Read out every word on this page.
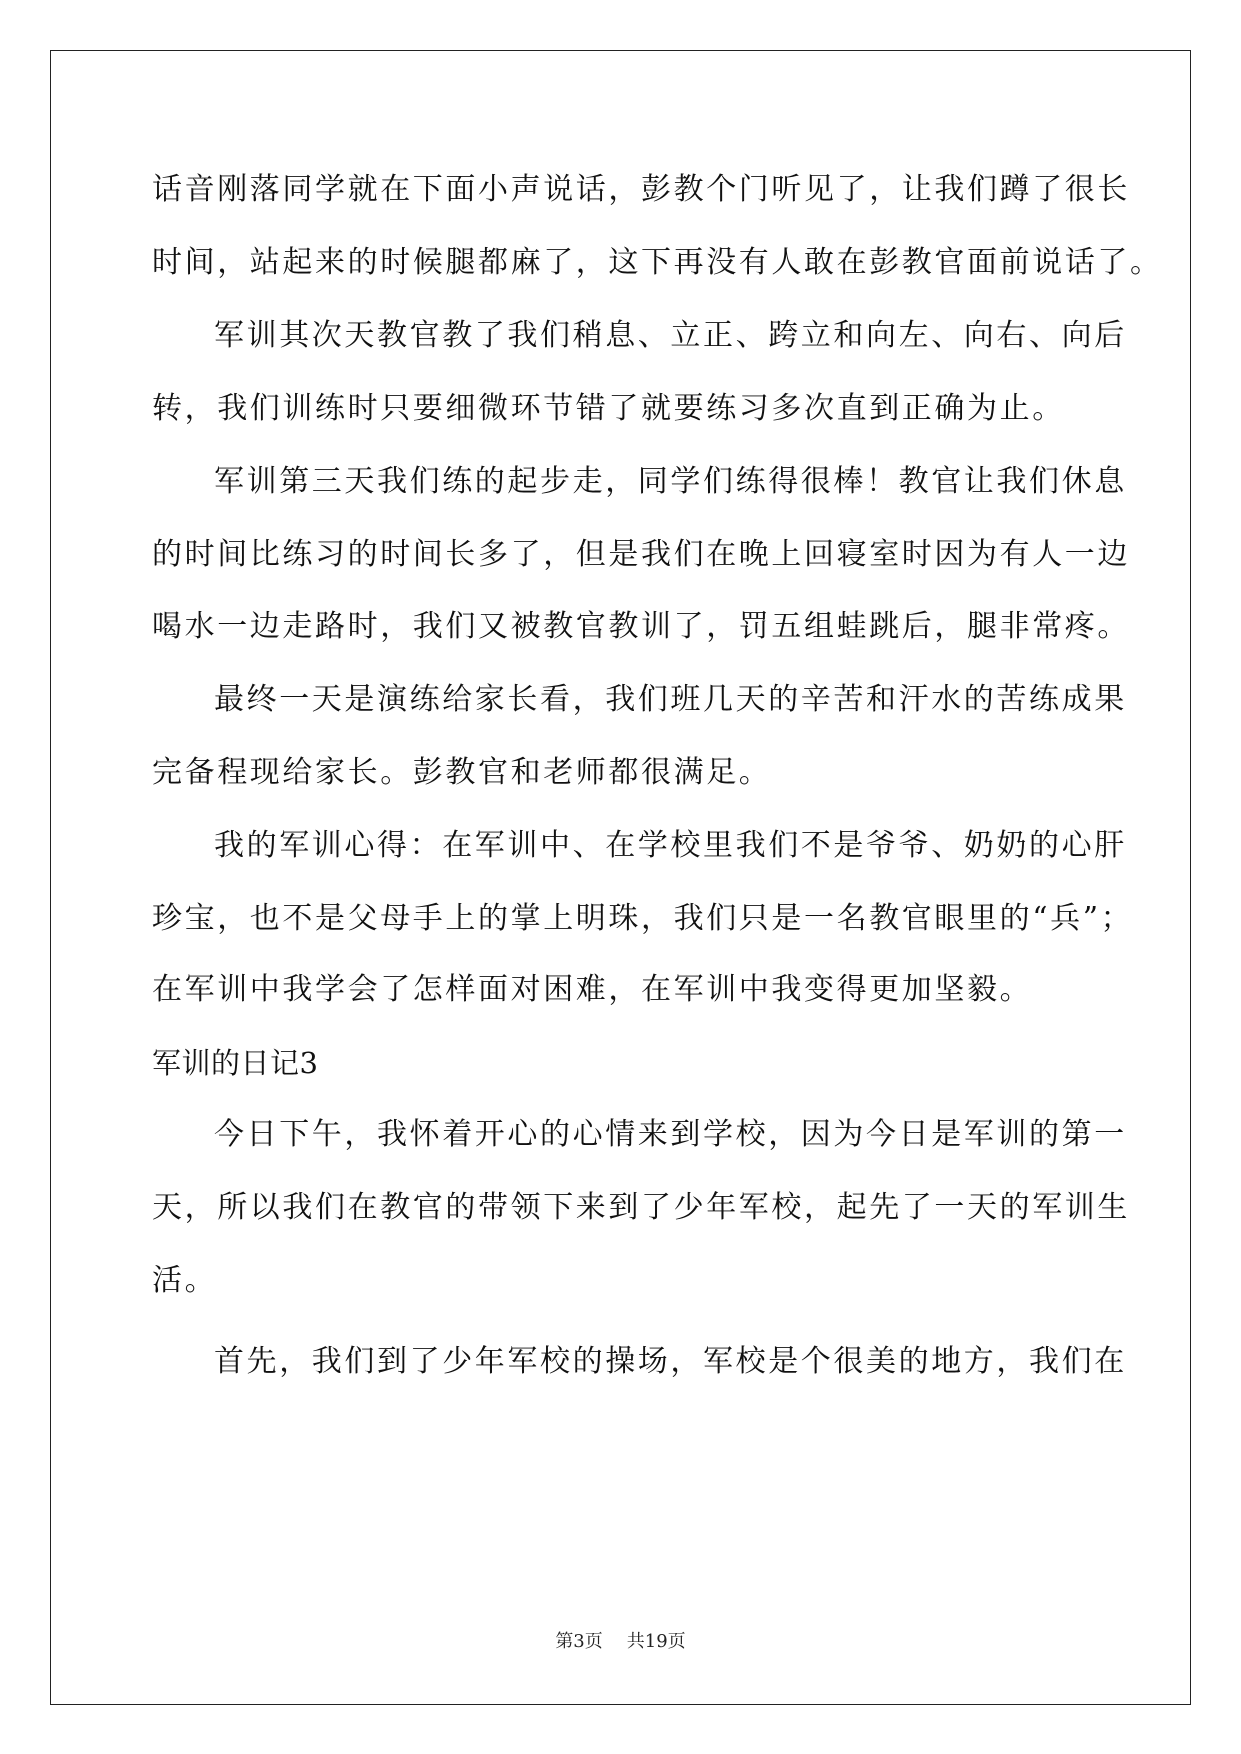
话音刚落同学就在下面小声说话，彭教个门听见了，让我们蹲了很长
时间，站起来的时候腿都麻了，这下再没有人敢在彭教官面前说话了。
军训其次天教官教了我们稍息、立正、跨立和向左、向右、向后
转，我们训练时只要细微环节错了就要练习多次直到正确为止。
军训第三天我们练的起步走，同学们练得很棒！教官让我们休息
的时间比练习的时间长多了，但是我们在晚上回寝室时因为有人一边
喝水一边走路时，我们又被教官教训了，罚五组蛙跳后，腿非常疼。
最终一天是演练给家长看，我们班几天的辛苦和汗水的苦练成果
完备程现给家长。彭教官和老师都很满足。
我的军训心得：在军训中、在学校里我们不是爷爷、奶奶的心肝
珍宝，也不是父母手上的掌上明珠，我们只是一名教官眼里的“兵”；
在军训中我学会了怎样面对困难，在军训中我变得更加坚毅。
军训的日记3
今日下午，我怀着开心的心情来到学校，因为今日是军训的第一
天，所以我们在教官的带领下来到了少年军校，起先了一天的军训生
活。
首先，我们到了少年军校的操场，军校是个很美的地方，我们在
第3页 共19页
